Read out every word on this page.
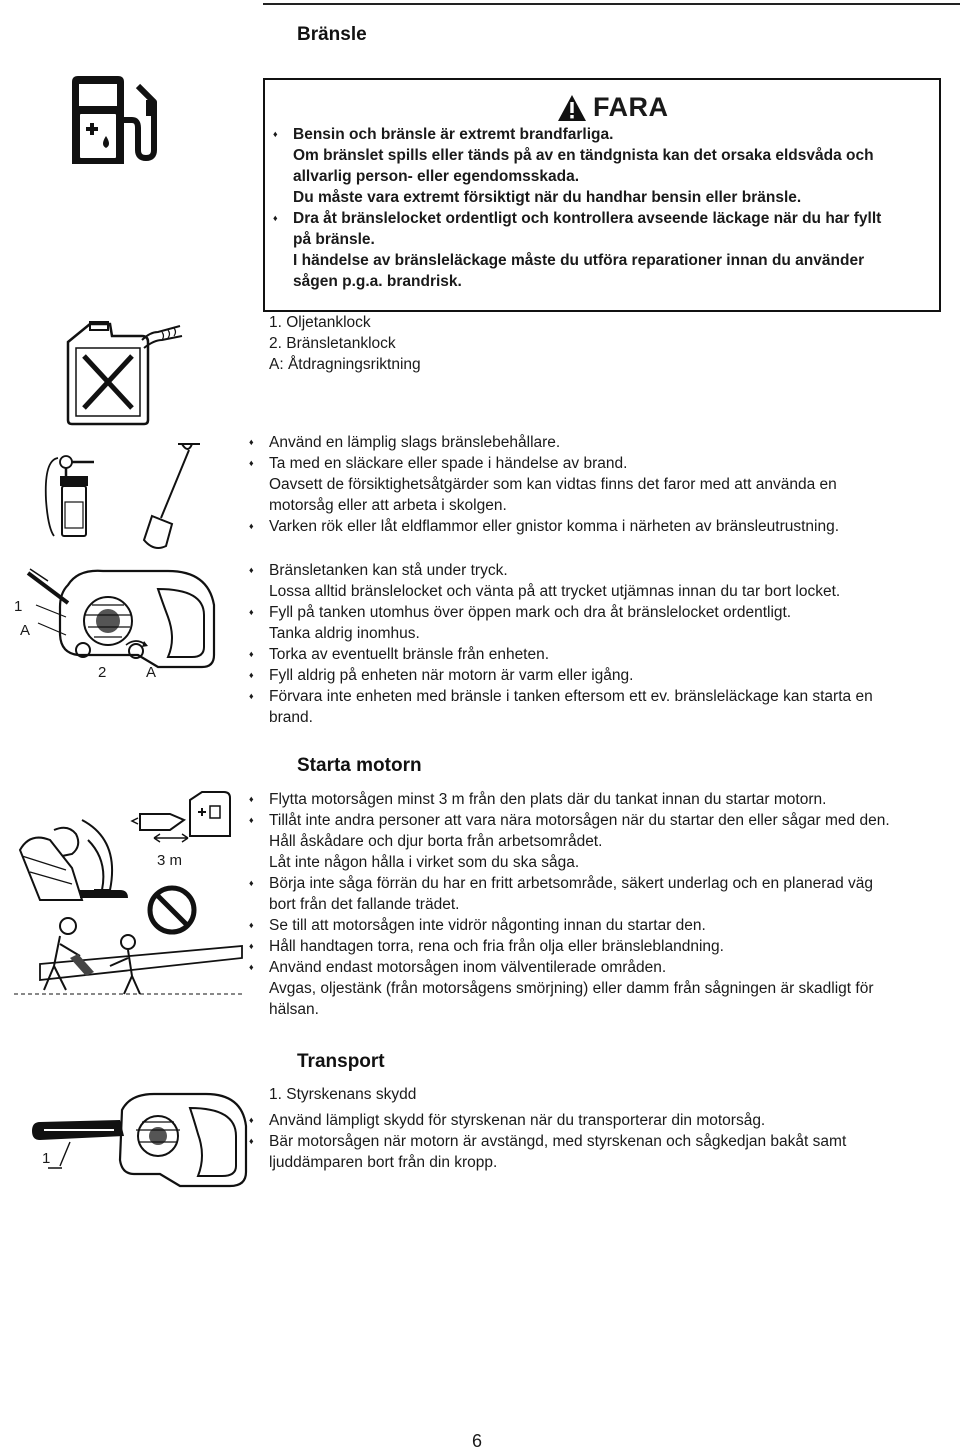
Bränsle
FARA
♦ Bensin och bränsle är extremt brandfarliga.
Om bränslet spills eller tänds på av en tändgnista kan det orsaka eldsvåda och
allvarlig person- eller egendomsskada.
Du måste vara extremt försiktigt när du handhar bensin eller bränsle.
♦ Dra åt bränslelocket ordentligt och kontrollera avseende läckage när du har fyllt
på bränsle.
I händelse av bränsleläckage måste du utföra reparationer innan du använder
sågen p.g.a. brandrisk.
1. Oljetanklock
2. Bränsletanklock
A: Åtdragningsriktning
♦ Använd en lämplig slags bränslebehållare.
♦ Ta med en släckare eller spade i händelse av brand.
Oavsett de försiktighetsåtgärder som kan vidtas finns det faror med att använda en
motorsåg eller att arbeta i skolgen.
♦ Varken rök eller låt eldflammor eller gnistor komma i närheten av bränsleutrustning.
1
A
2	A
♦ Bränsletanken kan stå under tryck.
Lossa alltid bränslelocket och vänta på att trycket utjämnas innan du tar bort locket.
♦ Fyll på tanken utomhus över öppen mark och dra åt bränslelocket ordentligt.
Tanka aldrig inomhus.
♦ Torka av eventuellt bränsle från enheten.
♦ Fyll aldrig på enheten när motorn är varm eller igång.
♦ Förvara inte enheten med bränsle i tanken eftersom ett ev. bränsleläckage kan starta en
brand.
Starta motorn
3 m
♦ Flytta motorsågen minst 3 m från den plats där du tankat innan du startar motorn.
♦ Tillåt inte andra personer att vara nära motorsågen när du startar den eller sågar med den.
Håll åskådare och djur borta från arbetsområdet.
Låt inte någon hålla i virket som du ska såga.
♦ Börja inte såga förrän du har en fritt arbetsområde, säkert underlag och en planerad väg
bort från det fallande trädet.
♦ Se till att motorsågen inte vidrör någonting innan du startar den.
♦ Håll handtagen torra, rena och fria från olja eller bränsleblandning.
♦ Använd endast motorsågen inom välventilerade områden.
Avgas, oljestänk (från motorsågens smörjning) eller damm från sågningen är skadligt för
hälsan.
Transport
1
1. Styrskenans skydd
♦ Använd lämpligt skydd för styrskenan när du transporterar din motorsåg.
♦ Bär motorsågen när motorn är avstängd, med styrskenan och sågkedjan bakåt samt
ljuddämparen bort från din kropp.
6
